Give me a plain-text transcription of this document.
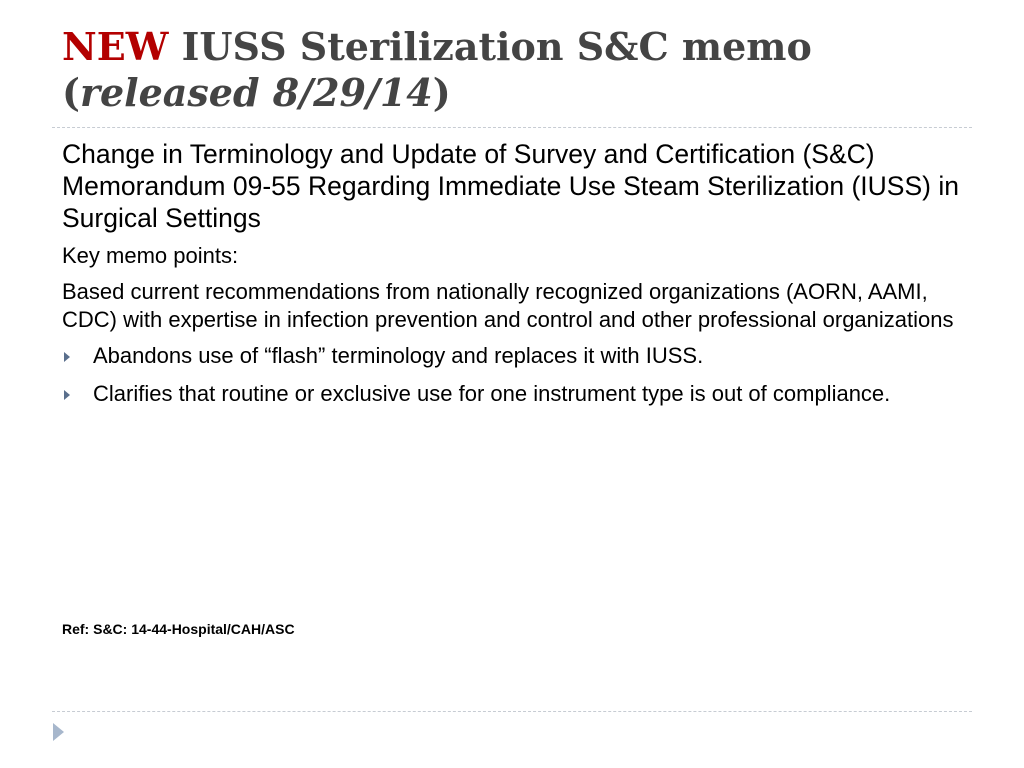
NEW IUSS Sterilization S&C memo
(released 8/29/14)

Change in Terminology and Update of Survey and Certification (S&C) Memorandum 09-55 Regarding Immediate Use Steam Sterilization (IUSS) in Surgical Settings

Key memo points:

Based current recommendations from nationally recognized organizations (AORN, AAMI, CDC) with expertise in infection prevention and control and other professional organizations

Abandons use of “flash” terminology and replaces it with IUSS.
Clarifies that routine or exclusive use for one instrument type is out of compliance.
Ref: S&C: 14-44-Hospital/CAH/ASC
